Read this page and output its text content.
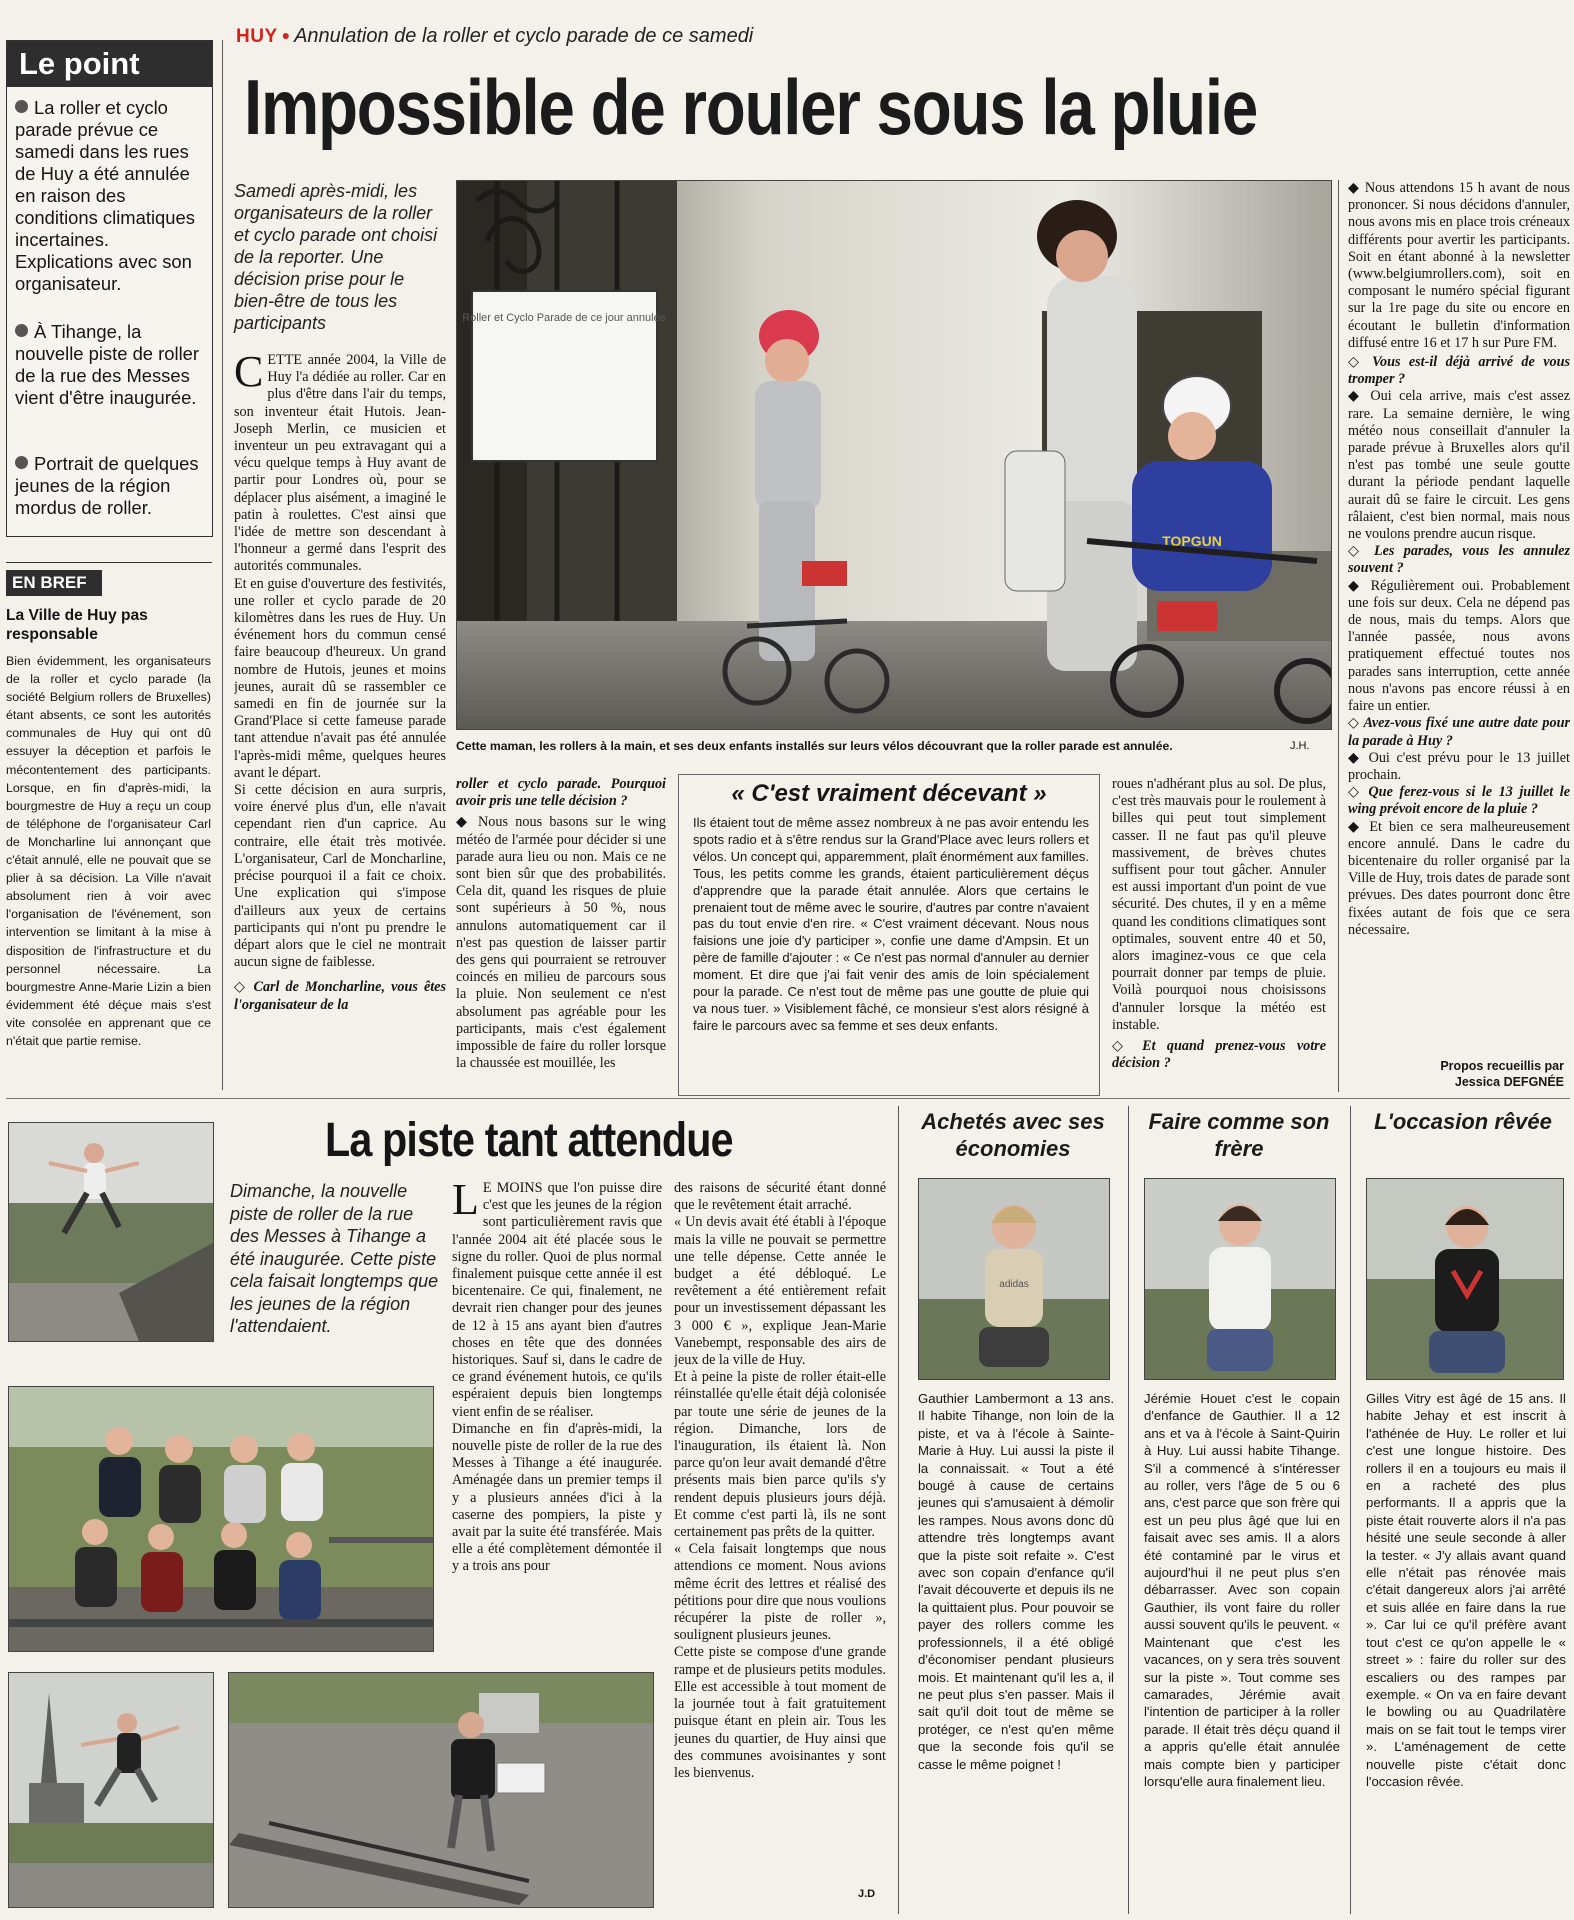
Le point
La roller et cyclo parade prévue ce samedi dans les rues de Huy a été annulée en raison des conditions climatiques incertaines. Explications avec son organisateur.
À Tihange, la nouvelle piste de roller de la rue des Messes vient d'être inaugurée.
Portrait de quelques jeunes de la région mordus de roller.
EN BREF
La Ville de Huy pas responsable

Bien évidemment, les organisateurs de la roller et cyclo parade (la société Belgium rollers de Bruxelles) étant absents, ce sont les autorités communales de Huy qui ont dû essuyer la déception et parfois le mécontentement des participants. Lorsque, en fin d'après-midi, la bourgmestre de Huy a reçu un coup de téléphone de l'organisateur Carl de Moncharline lui annonçant que c'était annulé, elle ne pouvait que se plier à sa décision. La Ville n'avait absolument rien à voir avec l'organisation de l'événement, son intervention se limitant à la mise à disposition de l'infrastructure et du personnel nécessaire. La bourgmestre Anne-Marie Lizin a bien évidemment été déçue mais s'est vite consolée en apprenant que ce n'était que partie remise.

HUY ● Annulation de la roller et cyclo parade de ce samedi
Impossible de rouler sous la pluie
Samedi après-midi, les organisateurs de la roller et cyclo parade ont choisi de la reporter. Une décision prise pour le bien-être de tous les participants

CETTE année 2004, la Ville de Huy l'a dédiée au roller. Car en plus d'être dans l'air du temps, son inventeur était Hutois. Jean-Joseph Merlin, ce musicien et inventeur un peu extravagant qui a vécu quelque temps à Huy avant de partir pour Londres où, pour se déplacer plus aisément, a imaginé le patin à roulettes. C'est ainsi que l'idée de mettre son descendant à l'honneur a germé dans l'esprit des autorités communales.
Et en guise d'ouverture des festivités, une roller et cyclo parade de 20 kilomètres dans les rues de Huy. Un événement hors du commun censé faire beaucoup d'heureux. Un grand nombre de Hutois, jeunes et moins jeunes, aurait dû se rassembler ce samedi en fin de journée sur la Grand'Place si cette fameuse parade tant attendue n'avait pas été annulée l'après-midi même, quelques heures avant le départ.
Si cette décision en aura surpris, voire énervé plus d'un, elle n'avait cependant rien d'un caprice. Au contraire, elle était très motivée. L'organisateur, Carl de Moncharline, précise pourquoi il a fait ce choix. Une explication qui s'impose d'ailleurs aux yeux de certains participants qui n'ont pu prendre le départ alors que le ciel ne montrait aucun signe de faiblesse.

◇ Carl de Moncharline, vous êtes l'organisateur de la

Roller et Cyclo Parade de ce jour annulée
TOPGUN
Cette maman, les rollers à la main, et ses deux enfants installés sur leurs vélos découvrant que la roller parade est annulée.	J.H.

roller et cyclo parade. Pourquoi avoir pris une telle décision ?

◆ Nous nous basons sur le wing météo de l'armée pour décider si une parade aura lieu ou non. Mais ce ne sont bien sûr que des probabilités. Cela dit, quand les risques de pluie sont supérieurs à 50 %, nous annulons automatiquement car il n'est pas question de laisser partir des gens qui pourraient se retrouver coincés en milieu de parcours sous la pluie. Non seulement ce n'est absolument pas agréable pour les participants, mais c'est également impossible de faire du roller lorsque la chaussée est mouillée, les

« C'est vraiment décevant »

Ils étaient tout de même assez nombreux à ne pas avoir entendu les spots radio et à s'être rendus sur la Grand'Place avec leurs rollers et vélos. Un concept qui, apparemment, plaît énormément aux familles. Tous, les petits comme les grands, étaient particulièrement déçus d'apprendre que la parade était annulée. Alors que certains le prenaient tout de même avec le sourire, d'autres par contre n'avaient pas du tout envie d'en rire. « C'est vraiment décevant. Nous nous faisions une joie d'y participer », confie une dame d'Ampsin. Et un père de famille d'ajouter : « Ce n'est pas normal d'annuler au dernier moment. Et dire que j'ai fait venir des amis de loin spécialement pour la parade. Ce n'est tout de même pas une goutte de pluie qui va nous tuer. » Visiblement fâché, ce monsieur s'est alors résigné à faire le parcours avec sa femme et ses deux enfants.

roues n'adhérant plus au sol. De plus, c'est très mauvais pour le roulement à billes qui peut tout simplement casser. Il ne faut pas qu'il pleuve massivement, de brèves chutes suffisent pour tout gâcher. Annuler est aussi important d'un point de vue sécurité. Des chutes, il y en a même quand les conditions climatiques sont optimales, souvent entre 40 et 50, alors imaginez-vous ce que cela pourrait donner par temps de pluie. Voilà pourquoi nous choisissons d'annuler lorsque la météo est instable.

◇ Et quand prenez-vous votre décision ?

◆ Nous attendons 15 h avant de nous prononcer. Si nous décidons d'annuler, nous avons mis en place trois créneaux différents pour avertir les participants. Soit en étant abonné à la newsletter (www.belgiumrollers.com), soit en composant le numéro spécial figurant sur la 1re page du site ou encore en écoutant le bulletin d'information diffusé entre 16 et 17 h sur Pure FM.

◇ Vous est-il déjà arrivé de vous tromper ?

◆ Oui cela arrive, mais c'est assez rare. La semaine dernière, le wing météo nous conseillait d'annuler la parade prévue à Bruxelles alors qu'il n'est pas tombé une seule goutte durant la période pendant laquelle aurait dû se faire le circuit. Les gens râlaient, c'est bien normal, mais nous ne voulons prendre aucun risque.

◇ Les parades, vous les annulez souvent ?

◆ Régulièrement oui. Probablement une fois sur deux. Cela ne dépend pas de nous, mais du temps. Alors que l'année passée, nous avons pratiquement effectué toutes nos parades sans interruption, cette année nous n'avons pas encore réussi à en faire un entier.

◇ Avez-vous fixé une autre date pour la parade à Huy ?

◆ Oui c'est prévu pour le 13 juillet prochain.

◇ Que ferez-vous si le 13 juillet le wing prévoit encore de la pluie ?

◆ Et bien ce sera malheureusement encore annulé. Dans le cadre du bicentenaire du roller organisé par la Ville de Huy, trois dates de parade sont prévues. Des dates pourront donc être fixées autant de fois que ce sera nécessaire.

Propos recueillis par
Jessica DEFGNÉE
Dimanche, la nouvelle piste de roller de la rue des Messes à Tihange a été inaugurée. Cette piste cela faisait longtemps que les jeunes de la région l'attendaient.
La piste tant attendue

L E MOINS que l'on puisse dire c'est que les jeunes de la région sont particulièrement ravis que l'année 2004 ait été placée sous le signe du roller. Quoi de plus normal finalement puisque cette année il est bicentenaire. Ce qui, finalement, ne devrait rien changer pour des jeunes de 12 à 15 ans ayant bien d'autres choses en tête que des données historiques. Sauf si, dans le cadre de ce grand événement hutois, ce qu'ils espéraient depuis bien longtemps vient enfin de se réaliser.
Dimanche en fin d'après-midi, la nouvelle piste de roller de la rue des Messes à Tihange a été inaugurée. Aménagée dans un premier temps il y a plusieurs années d'ici à la caserne des pompiers, la piste y avait par la suite été transférée. Mais elle a été complètement démontée il y a trois ans pour

des raisons de sécurité étant donné que le revêtement était arraché.
« Un devis avait été établi à l'époque mais la ville ne pouvait se permettre une telle dépense. Cette année le budget a été débloqué. Le revêtement a été entièrement refait pour un investissement dépassant les 3 000 € », explique Jean-Marie Vanebempt, responsable des airs de jeux de la ville de Huy.
Et à peine la piste de roller était-elle réinstallée qu'elle était déjà colonisée par toute une série de jeunes de la région. Dimanche, lors de l'inauguration, ils étaient là. Non parce qu'on leur avait demandé d'être présents mais bien parce qu'ils s'y rendent depuis plusieurs jours déjà. Et comme c'est parti là, ils ne sont certainement pas prêts de la quitter.
« Cela faisait longtemps que nous attendions ce moment. Nous avions même écrit des lettres et réalisé des pétitions pour dire que nous voulions récupérer la piste de roller », soulignent plusieurs jeunes.
Cette piste se compose d'une grande rampe et de plusieurs petits modules. Elle est accessible à tout moment de la journée tout à fait gratuitement puisque étant en plein air. Tous les jeunes du quartier, de Huy ainsi que des communes avoisinantes y sont les bienvenus.

J.D
Achetés avec ses économies
adidas

Gauthier Lambermont a 13 ans. Il habite Tihange, non loin de la piste, et va à l'école à Sainte-Marie à Huy. Lui aussi la piste il la connaissait. « Tout a été bougé à cause de certains jeunes qui s'amusaient à démolir les rampes. Nous avons donc dû attendre très longtemps avant que la piste soit refaite ». C'est avec son copain d'enfance qu'il l'avait découverte et depuis ils ne la quittaient plus. Pour pouvoir se payer des rollers comme les professionnels, il a été obligé d'économiser pendant plusieurs mois. Et maintenant qu'il les a, il ne peut plus s'en passer. Mais il sait qu'il doit tout de même se protéger, ce n'est qu'en même que la seconde fois qu'il se casse le même poignet !

Faire comme son frère

Jérémie Houet c'est le copain d'enfance de Gauthier. Il a 12 ans et va à l'école à Saint-Quirin à Huy. Lui aussi habite Tihange. S'il a commencé à s'intéresser au roller, vers l'âge de 5 ou 6 ans, c'est parce que son frère qui est un peu plus âgé que lui en faisait avec ses amis. Il a alors été contaminé par le virus et aujourd'hui il ne peut plus s'en débarrasser. Avec son copain Gauthier, ils vont faire du roller aussi souvent qu'ils le peuvent. « Maintenant que c'est les vacances, on y sera très souvent sur la piste ». Tout comme ses camarades, Jérémie avait l'intention de participer à la roller parade. Il était très déçu quand il a appris qu'elle était annulée mais compte bien y participer lorsqu'elle aura finalement lieu.

L'occasion rêvée

Gilles Vitry est âgé de 15 ans. Il habite Jehay et est inscrit à l'athénée de Huy. Le roller et lui c'est une longue histoire. Des rollers il en a toujours eu mais il en a racheté des plus performants. Il a appris que la piste était rouverte alors il n'a pas hésité une seule seconde à aller la tester. « J'y allais avant quand elle n'était pas rénovée mais c'était dangereux alors j'ai arrêté et suis allée en faire dans la rue ». Car lui ce qu'il préfère avant tout c'est ce qu'on appelle le « street » : faire du roller sur des escaliers ou des rampes par exemple. « On va en faire devant le bowling ou au Quadrilatère mais on se fait tout le temps virer ». L'aménagement de cette nouvelle piste c'était donc l'occasion rêvée.
